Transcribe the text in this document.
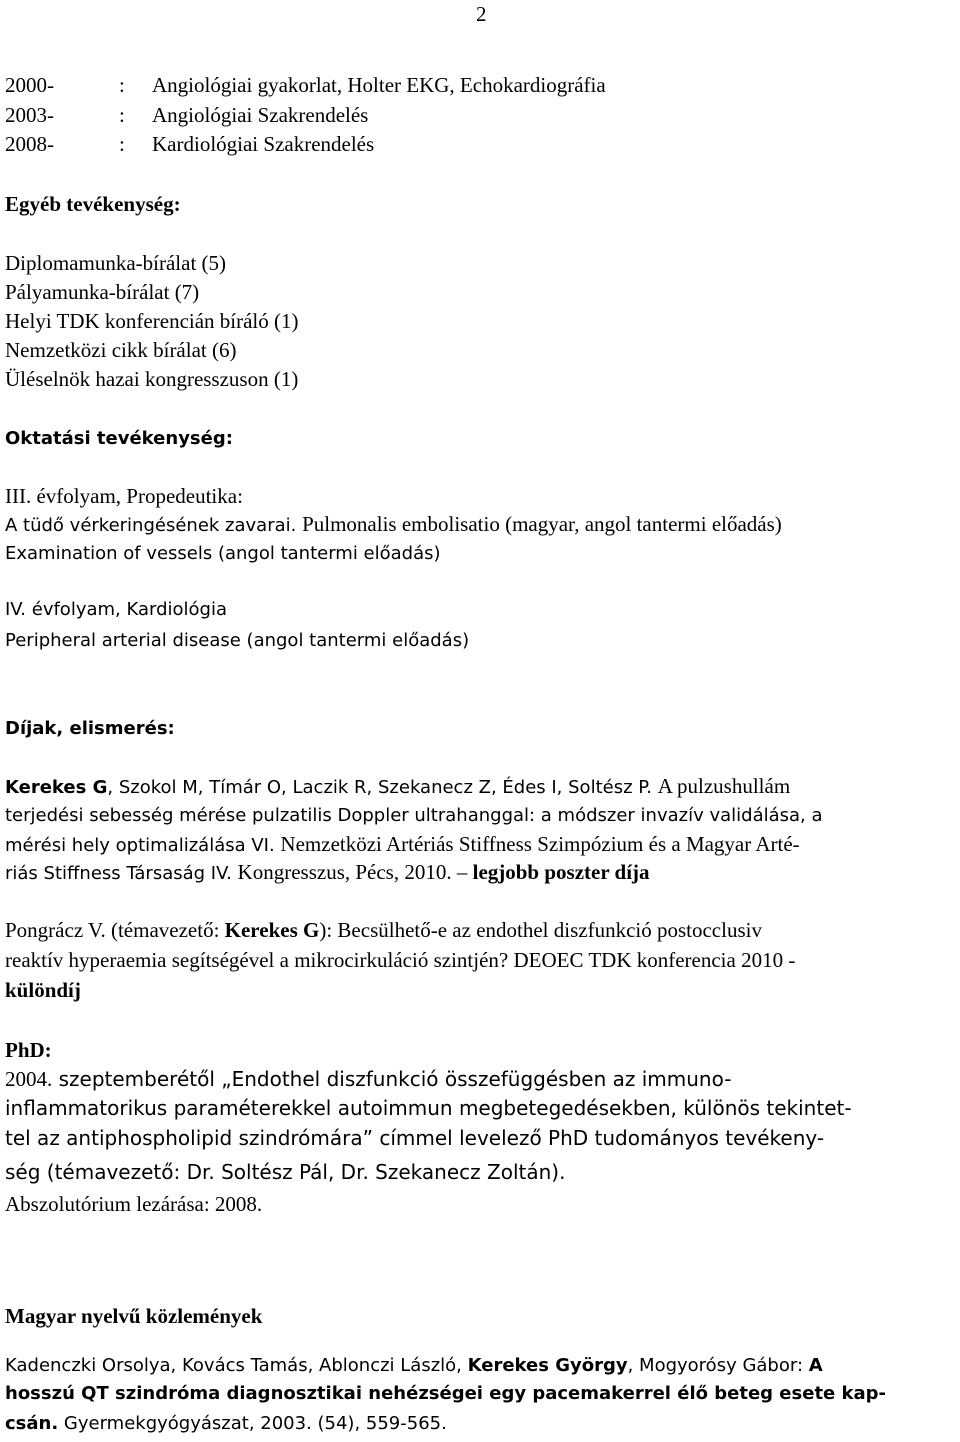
2
2000-	: Angiológiai gyakorlat, Holter EKG, Echokardiográfia
2003-	: Angiológiai Szakrendelés
2008-	: Kardiológiai Szakrendelés
Egyéb tevékenység:
Diplomamunka-bírálat (5)
Pályamunka-bírálat (7)
Helyi TDK konferencián bíráló (1)
Nemzetközi cikk bírálat (6)
Üléselnök hazai kongresszuson (1)
Oktatási tevékenység:
III. évfolyam, Propedeutika:
A tüdő vérkeringésének zavarai. Pulmonalis embolisatio (magyar, angol tantermi előadás)
Examination of vessels (angol tantermi előadás)
IV. évfolyam, Kardiológia
Peripheral arterial disease (angol tantermi előadás)
Díjak, elismerés:
Kerekes G, Szokol M, Tímár O, Laczik R, Szekanecz Z, Édes I, Soltész P. A pulzushullám
terjedési sebesség mérése pulzatilis Doppler ultrahanggal: a módszer invazív validálása, a
mérési hely optimalizálása VI. Nemzetközi Artériás Stiffness Szimpózium és a Magyar Arté-
riás Stiffness Társaság IV. Kongresszus, Pécs, 2010. – legjobb poszter díja
Pongrácz V. (témavezető: Kerekes G): Becsülhető-e az endothel diszfunkció postocclusiv
reaktív hyperaemia segítségével a mikrocirkuláció szintjén? DEOEC TDK konferencia 2010 -
különdíj
PhD:
2004. szeptemberétől „Endothel diszfunkció összefüggésben az immuno-
inflammatorikus paraméterekkel autoimmun megbetegedésekben, különös tekintet-
tel az antiphospholipid szindrómára” címmel levelező PhD tudományos tevékeny-
ség (témavezető: Dr. Soltész Pál, Dr. Szekanecz Zoltán).
Abszolutórium lezárása: 2008.
Magyar nyelvű közlemények
Kadenczki Orsolya, Kovács Tamás, Ablonczi László, Kerekes György, Mogyorósy Gábor: A
hosszú QT szindróma diagnosztikai nehézségei egy pacemakerrel élő beteg esete kap-
csán. Gyermekgyógyászat, 2003. (54), 559-565.
